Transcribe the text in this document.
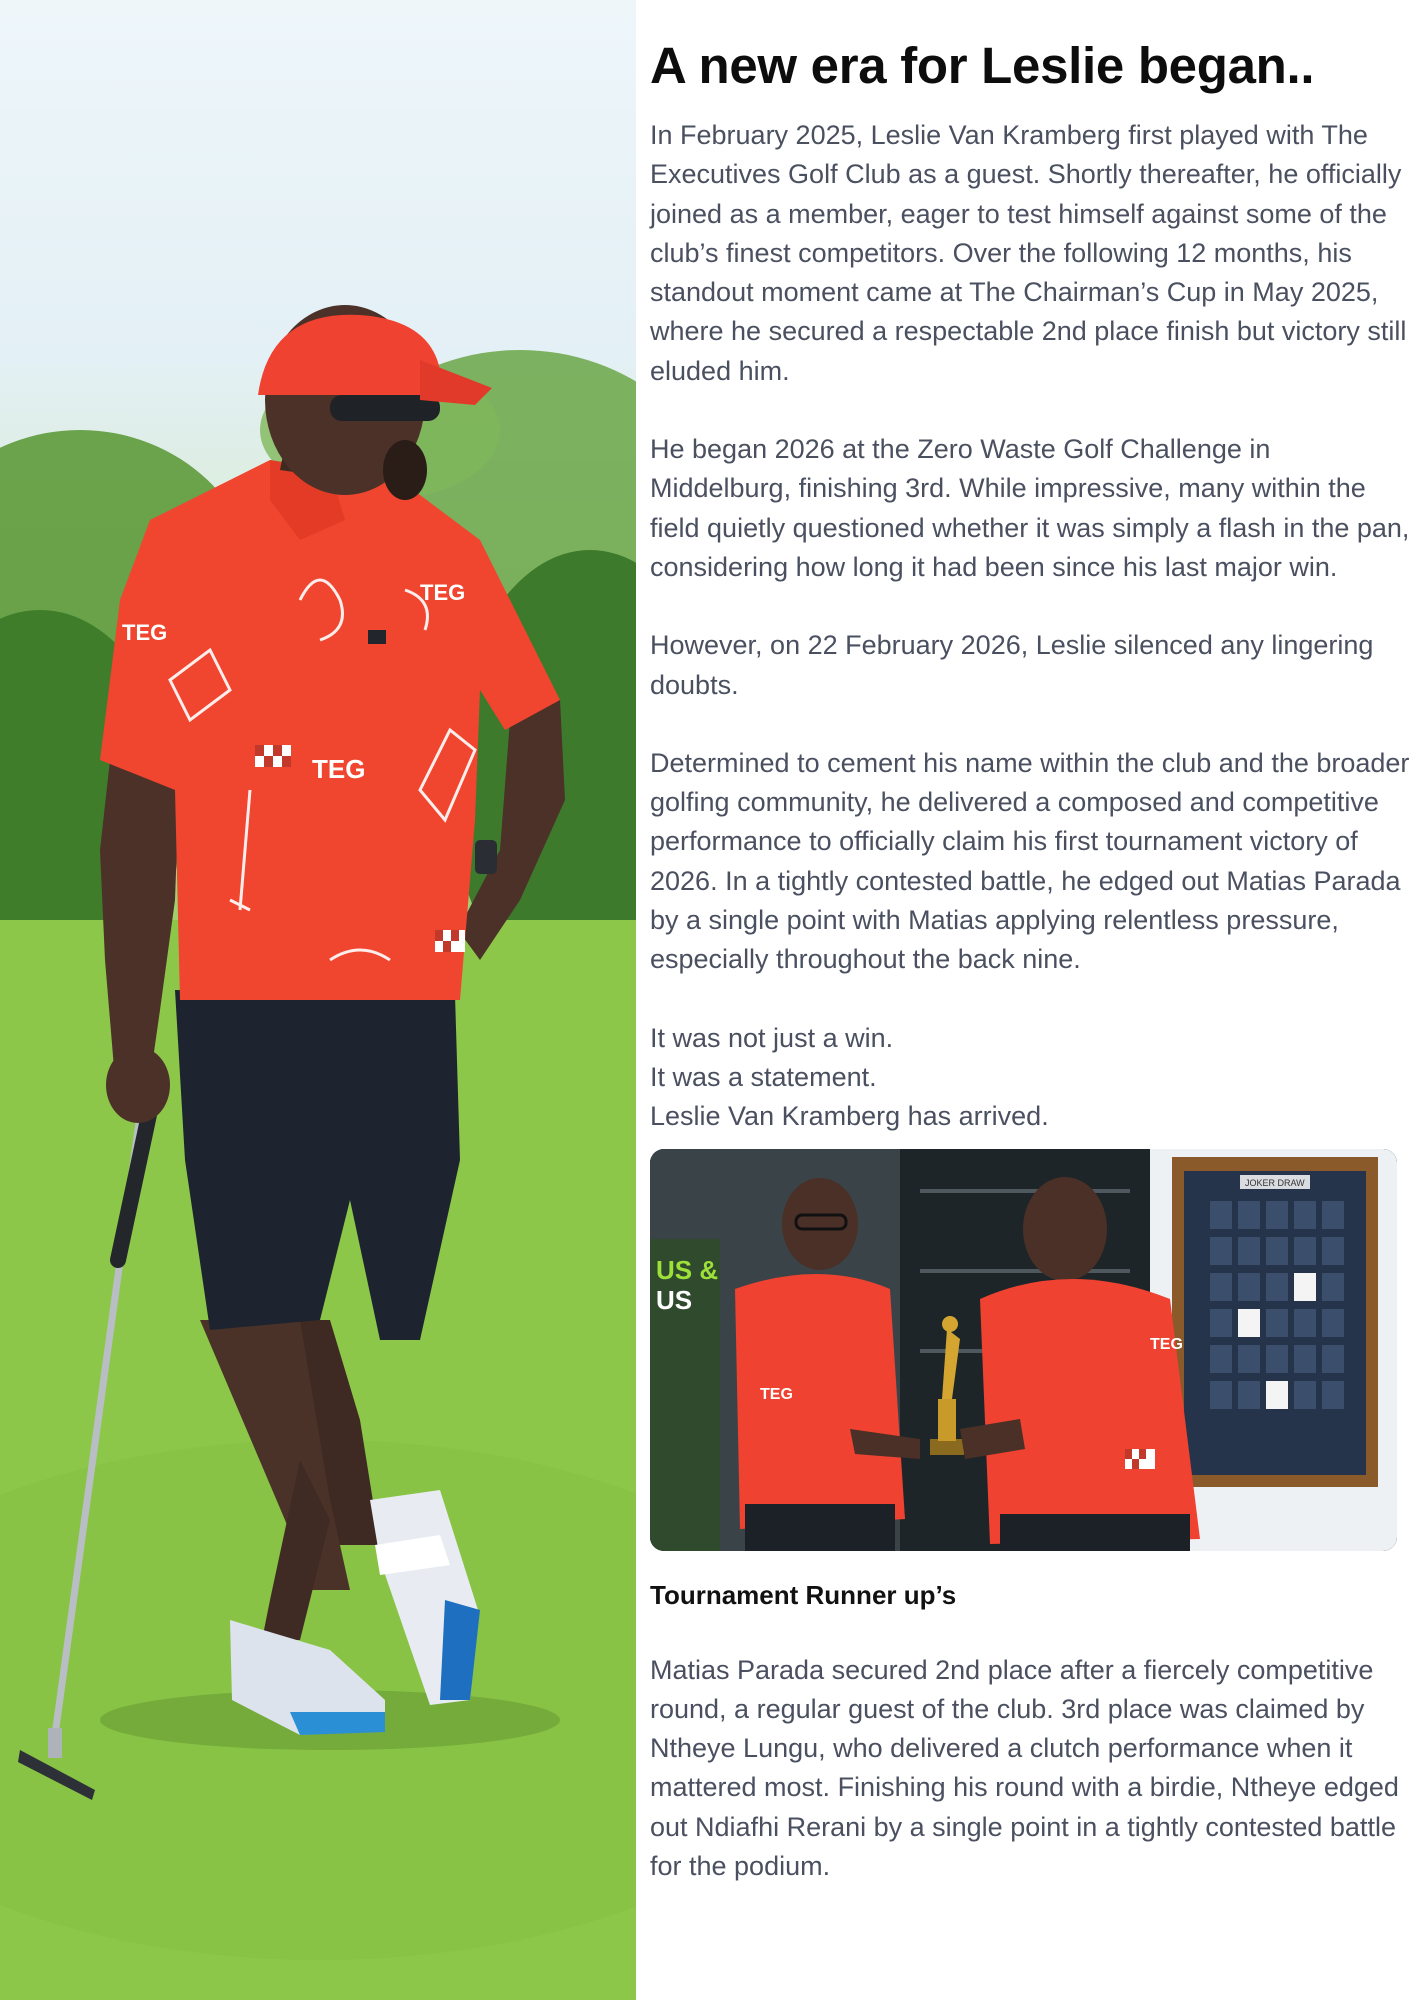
TEG
TEG
TEG
A new era for Leslie began..

In February 2025, Leslie Van Kramberg first played with The Executives Golf Club as a guest. Shortly thereafter, he officially joined as a member, eager to test himself against some of the club’s finest competitors. Over the following 12 months, his standout moment came at The Chairman’s Cup in May 2025, where he secured a respectable 2nd place finish but victory still eluded him.

He began 2026 at the Zero Waste Golf Challenge in Middelburg, finishing 3rd. While impressive, many within the field quietly questioned whether it was simply a flash in the pan, considering how long it had been since his last major win.

However, on 22 February 2026, Leslie silenced any lingering doubts.

Determined to cement his name within the club and the broader golfing community, he delivered a composed and competitive performance to officially claim his first tournament victory of 2026. In a tightly contested battle, he edged out Matias Parada by a single point with Matias applying relentless pressure, especially throughout the back nine.

It was not just a win.
It was a statement.
Leslie Van Kramberg has arrived.

US &
US
JOKER DRAW
TEG
TEG
Tournament Runner up’s

Matias Parada secured 2nd place after a fiercely competitive round, a regular guest of the club. 3rd place was claimed by Ntheye Lungu, who delivered a clutch performance when it mattered most. Finishing his round with a birdie, Ntheye edged out Ndiafhi Rerani by a single point in a tightly contested battle for the podium.
